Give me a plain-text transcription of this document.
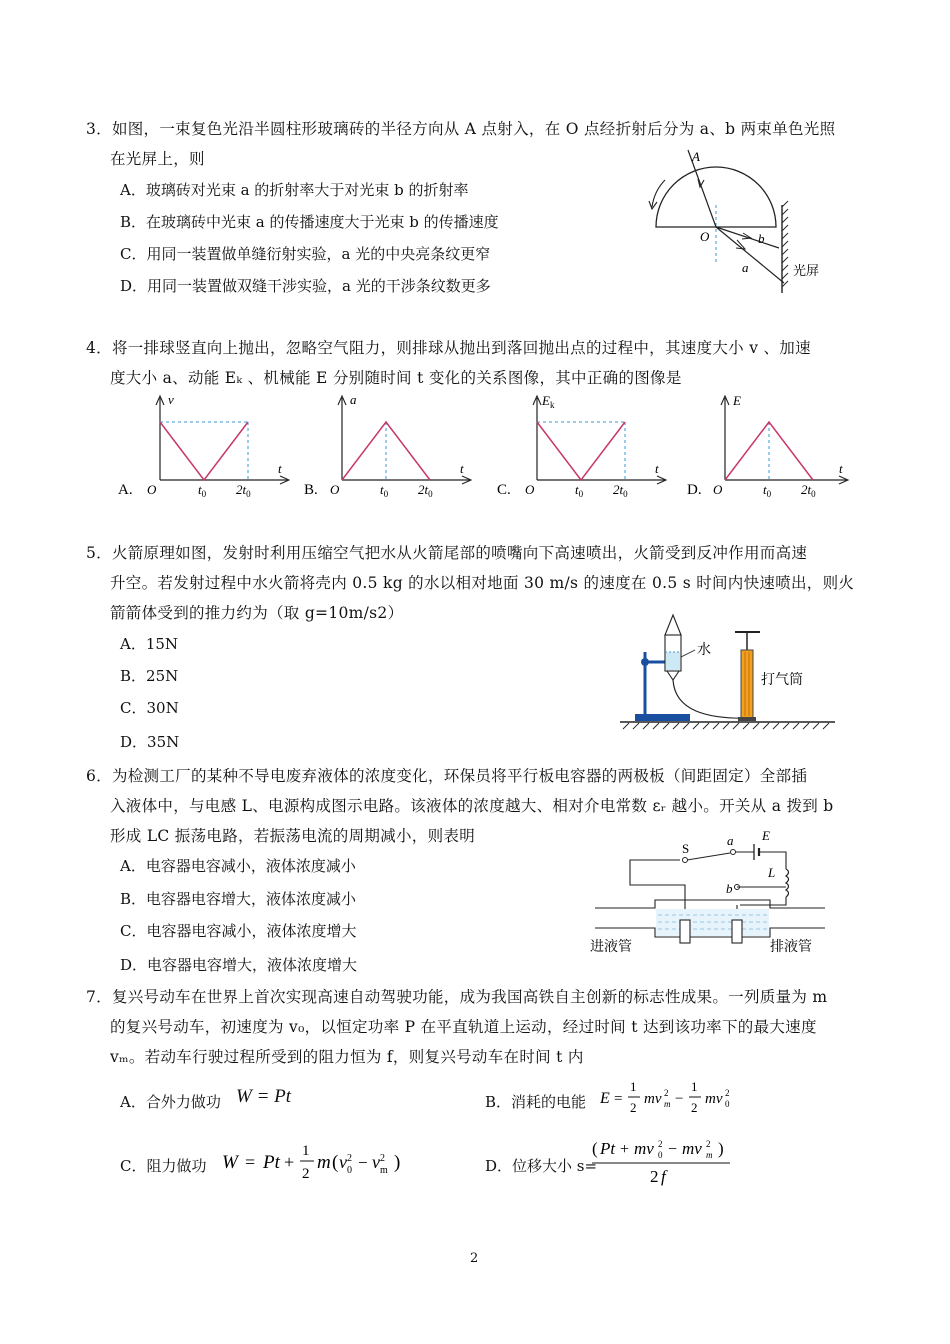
3．如图，一束复色光沿半圆柱形玻璃砖的半径方向从 A 点射入，在 O 点经折射后分为 a、b 两束单色光照
在光屏上，则
A．玻璃砖对光束 a 的折射率大于对光束 b 的折射率
B．在玻璃砖中光束 a 的传播速度大于光束 b 的传播速度
C．用同一装置做单缝衍射实验，a 光的中央亮条纹更窄
D．用同一装置做双缝干涉实验，a 光的干涉条纹数更多
A
O	b
a	光屏
4．将一排球竖直向上抛出，忽略空气阻力，则排球从抛出到落回抛出点的过程中，其速度大小 v 、加速
度大小 a、动能 Eₖ 、机械能 E 分别随时间 t 变化的关系图像，其中正确的图像是
A.
v
t
O	$t_0$ $2t_0$	B.
a
t
O	$t_0$ $2t_0$	C.
$E_k$
t
O	$t_0$ $2t_0$	D.
E
t
O	$t_0$ $2t_0$
5．火箭原理如图，发射时利用压缩空气把水从火箭尾部的喷嘴向下高速喷出，火箭受到反冲作用而高速
升空。若发射过程中水火箭将壳内 0.5 kg 的水以相对地面 30 m/s 的速度在 0.5 s 时间内快速喷出，则火
箭箭体受到的推力约为（取 g=10m/s2）
A．15N
B．25N
C．30N
D．35N
水
打气筒
6．为检测工厂的某种不导电废弃液体的浓度变化，环保员将平行板电容器的两极板（间距固定）全部插
入液体中，与电感 L、电源构成图示电路。该液体的浓度越大、相对介电常数 εᵣ 越小。开关从 a 拨到 b
形成 LC 振荡电路，若振荡电流的周期减小，则表明
A．电容器电容减小，液体浓度减小
B．电容器电容增大，液体浓度减小
C．电容器电容减小，液体浓度增大
D．电容器电容增大，液体浓度增大
S
a E
L
b
进液管	排液管
7．复兴号动车在世界上首次实现高速自动驾驶功能，成为我国高铁自主创新的标志性成果。一列质量为 m
的复兴号动车，初速度为 v₀，以恒定功率 P 在平直轨道上运动，经过时间 t 达到该功率下的最大速度
vₘ。若动车行驶过程所受到的阻力恒为 f，则复兴号动车在时间 t 内
A．合外力做功 W = Pt	B．消耗的电能 E =
1
2
mv 2
m −
1
2
mv 2
0
C．阻力做功 W = Pt +
1
2
m ( v 2
0 − v 2
m )	D．位移大小 s=
( Pt + mv 2
0 − mv 2
m )
2 f
2
